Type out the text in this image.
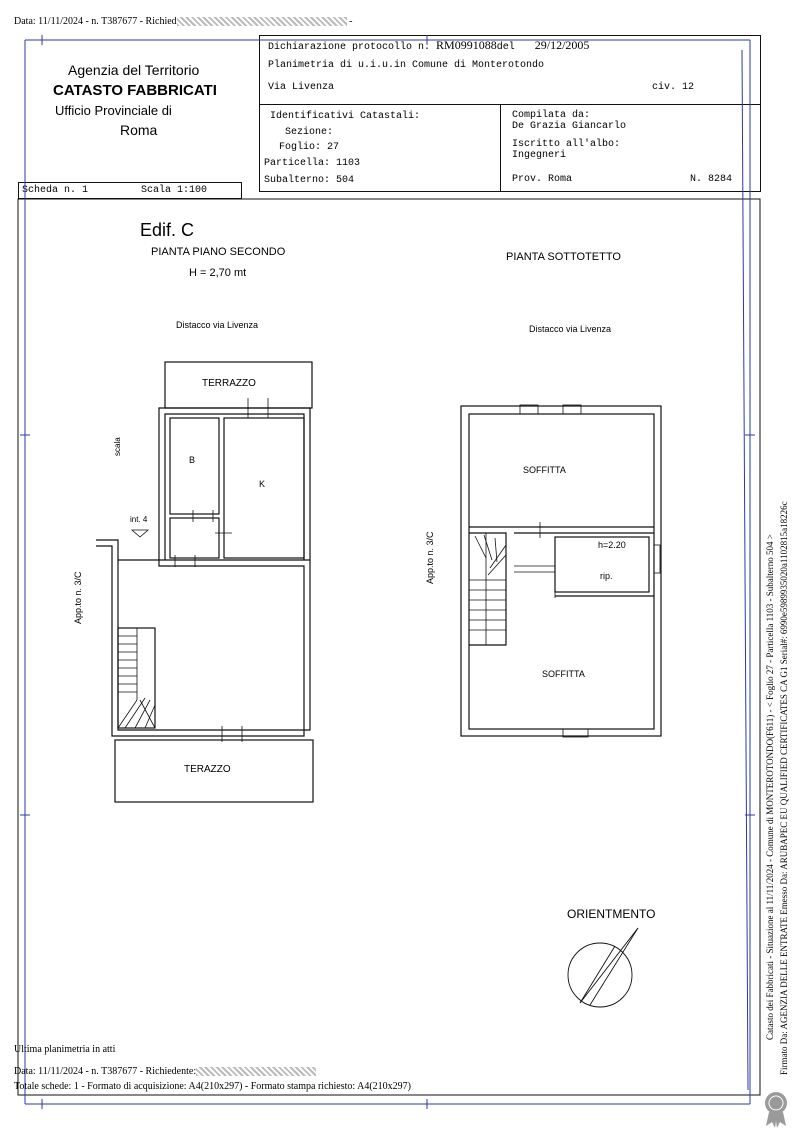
Data: 11/11/2024 - n. T387677 - Richied	-
Agenzia del Territorio
CATASTO FABBRICATI
Ufficio Provinciale di
Roma
Scheda n. 1	Scala 1:100
Dichiarazione protocollo n. RM0991088del 29/12/2005
Planimetria di u.i.u.in Comune di Monterotondo
Via Livenza	civ. 12
Identificativi Catastali:
Sezione:
Foglio: 27
Particella: 1103
Subalterno: 504
Compilata da:
De Grazia Giancarlo
Iscritto all'albo:
Ingegneri
Prov. Roma	N. 8284
Edif. C
PIANTA PIANO SECONDO
H = 2,70 mt
Distacco via Livenza
TERRAZZO
B
K
scala
int. 4
App.to n. 3/C
TERAZZO
PIANTA SOTTOTETTO
Distacco via Livenza
SOFFITTA
h=2.20
rip.
App.to n. 3/C
SOFFITTA
ORIENTMENTO
Ultima planimetria in atti
Data: 11/11/2024 - n. T387677 - Richiedente:
Totale schede: 1 - Formato di acquisizione: A4(210x297) - Formato stampa richiesto: A4(210x297)
Catasto dei Fabbricati - Situazione al 11/11/2024 - Comune di MONTEROTONDO(F611) - < Foglio 27 - Particella 1103 - Subalterno 504 > Firmato Da: AGENZIA DELLE ENTRATE Emesso Da: ARUBAPEC EU QUALIFIED CERTIFICATES CA G1 Serial#: 6990e5989935020a1102815a18226c
